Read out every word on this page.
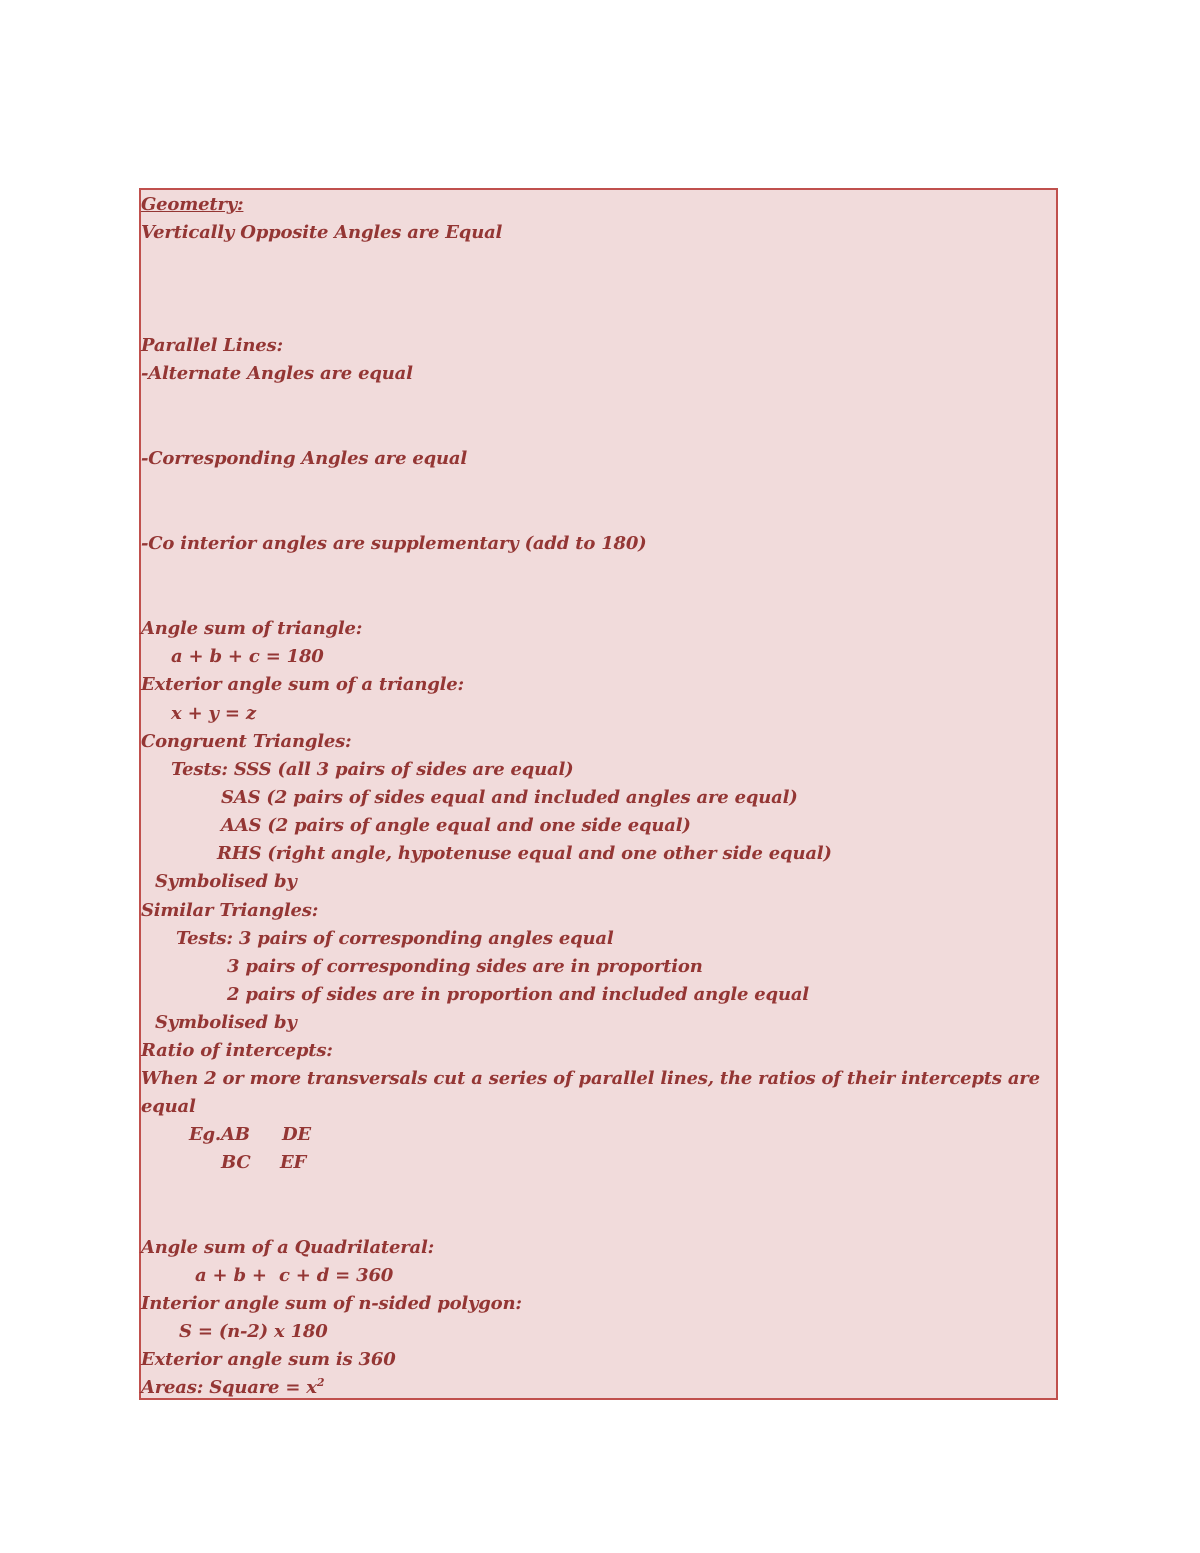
Geometry:
Vertically Opposite Angles are Equal
Parallel Lines:
-Alternate Angles are equal
-Corresponding Angles are equal
-Co interior angles are supplementary (add to 180)
Angle sum of triangle:
a + b + c = 180
Exterior angle sum of a triangle:
x + y = z
Congruent Triangles:
Tests: SSS (all 3 pairs of sides are equal)
SAS (2 pairs of sides equal and included angles are equal)
AAS (2 pairs of angle equal and one side equal)
RHS (right angle, hypotenuse equal and one other side equal)
Symbolised by
Similar Triangles:
Tests: 3 pairs of corresponding angles equal
3 pairs of corresponding sides are in proportion
2 pairs of sides are in proportion and included angle equal
Symbolised by
Ratio of intercepts:
When 2 or more transversals cut a series of parallel lines, the ratios of their intercepts are
equal
Eg. AB DE
BC EF
Angle sum of a Quadrilateral:
a + b +  c + d = 360
Interior angle sum of n-sided polygon:
S = (n-2) x 180
Exterior angle sum is 360
Areas: Square = $x^2$
